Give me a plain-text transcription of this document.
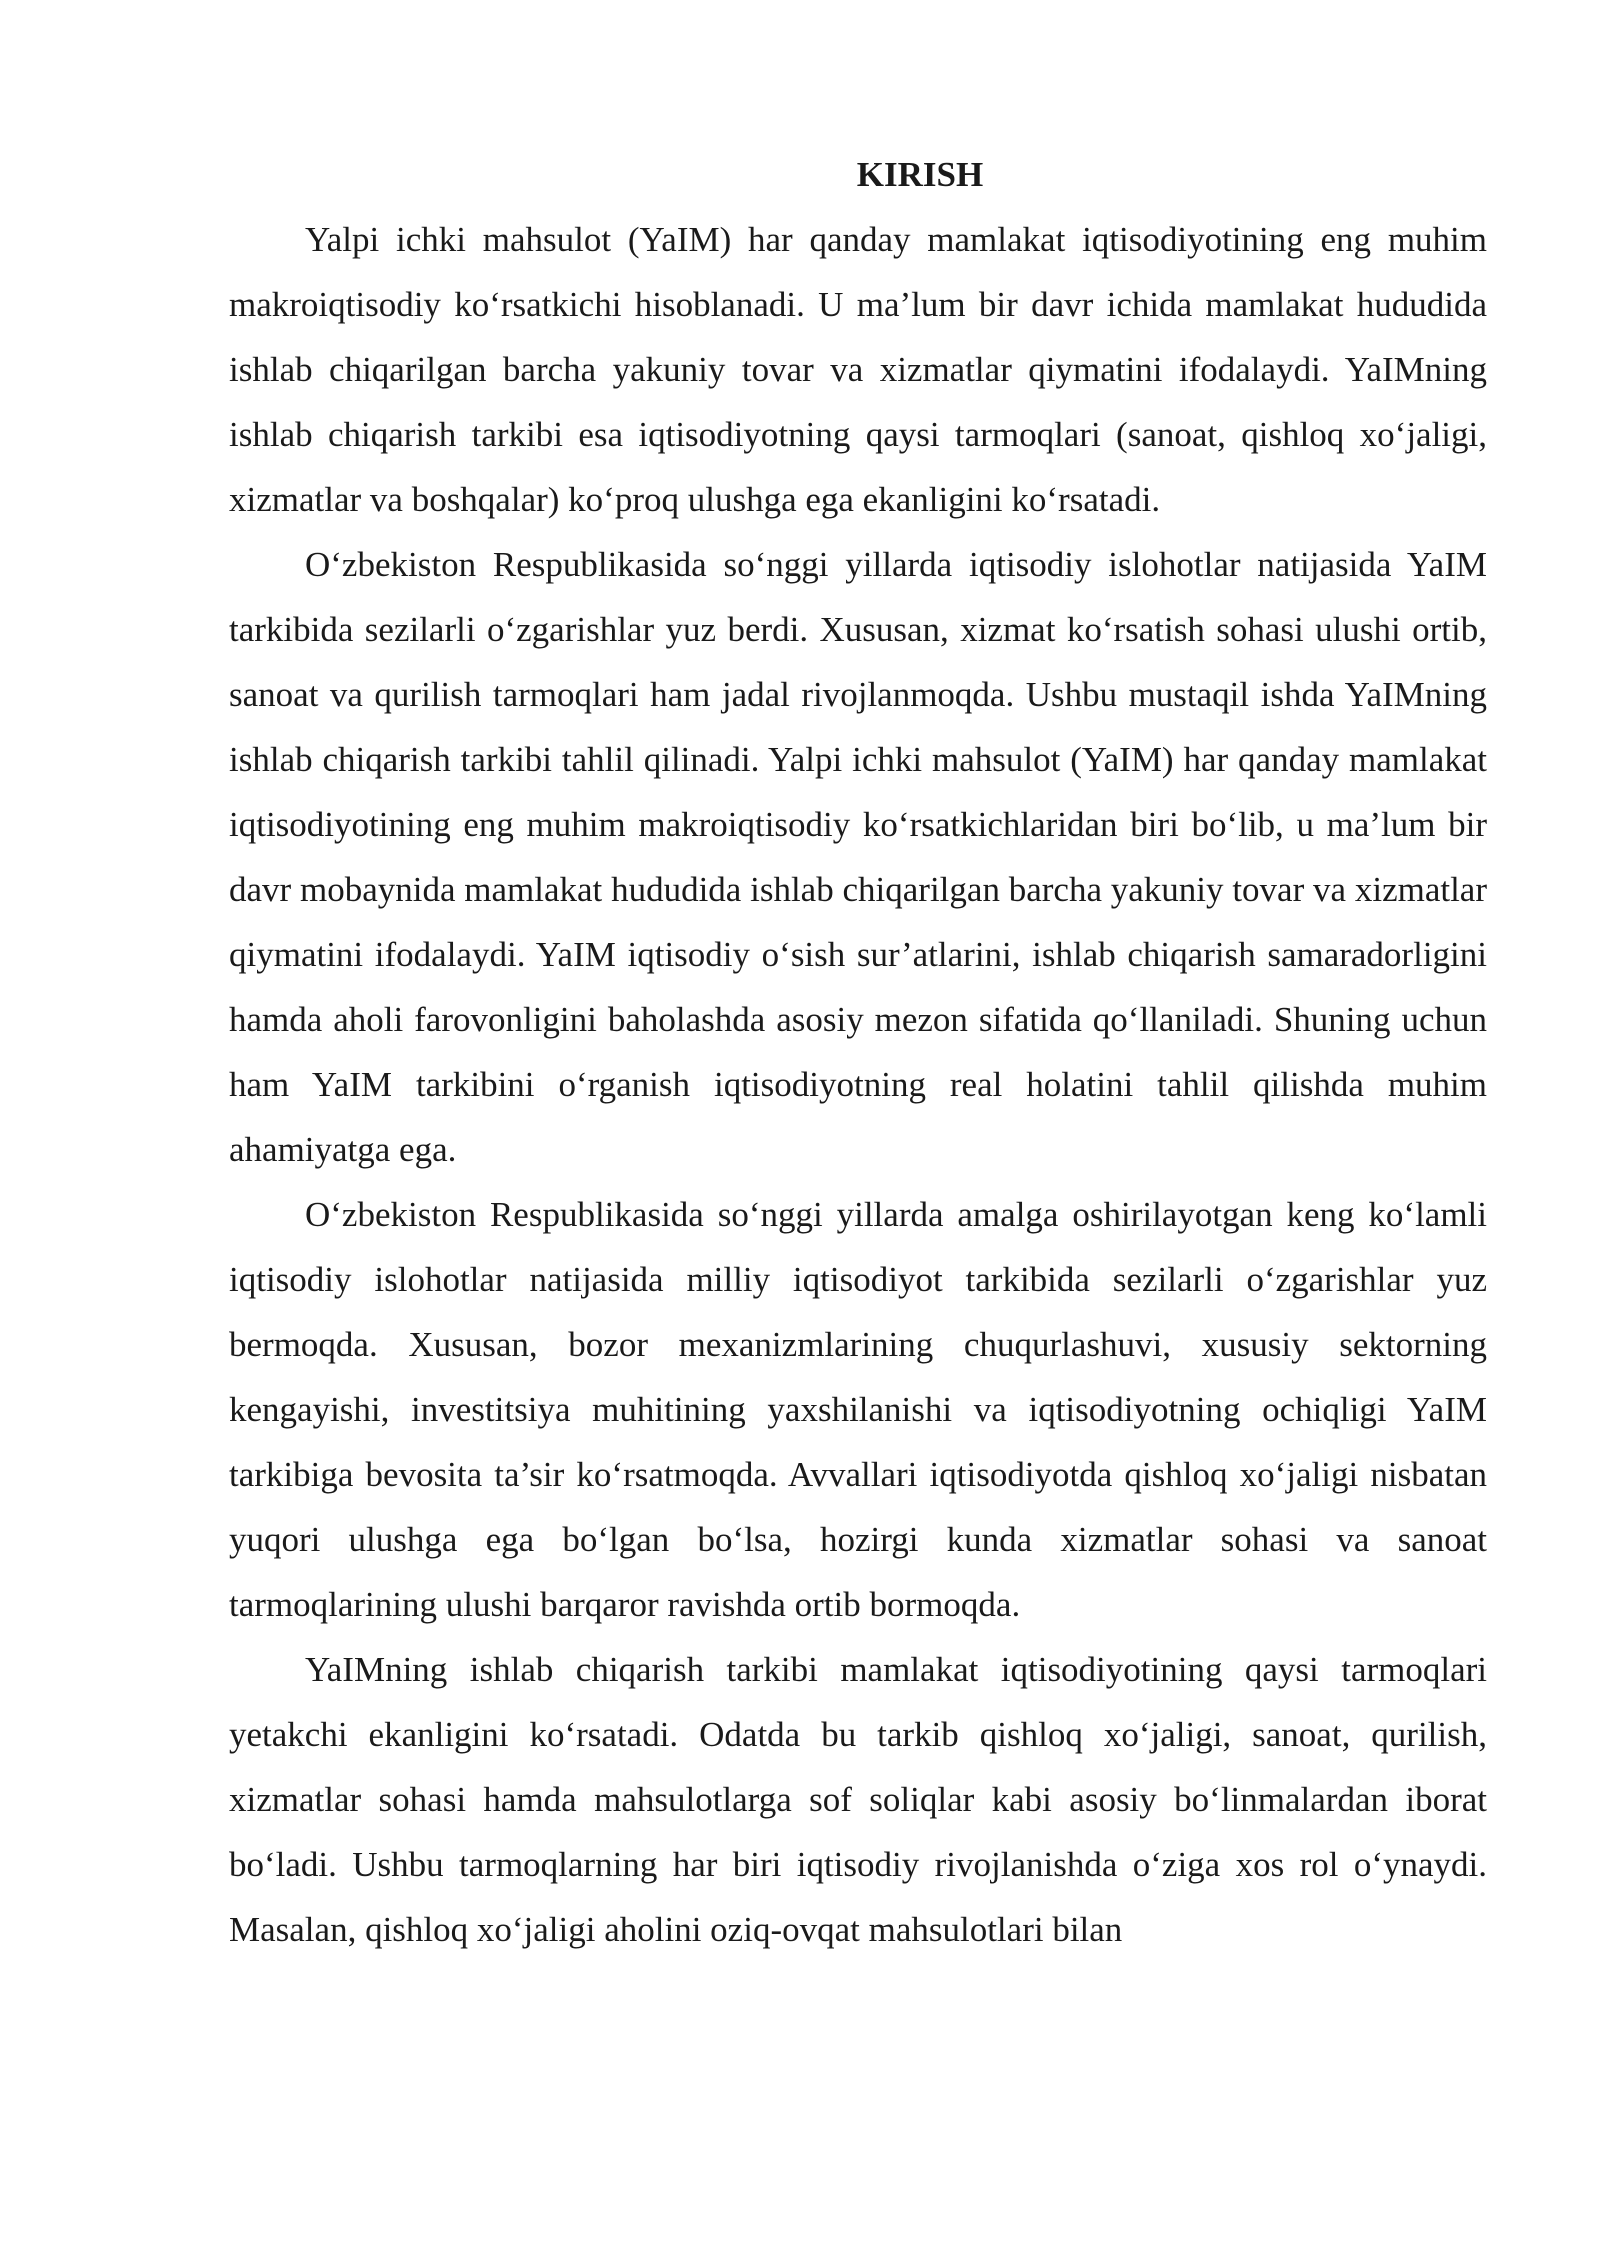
KIRISH

Yalpi ichki mahsulot (YaIM) har qanday mamlakat iqtisodiyotining eng muhim makroiqtisodiy ko‘rsatkichi hisoblanadi. U ma’lum bir davr ichida mamlakat hududida ishlab chiqarilgan barcha yakuniy tovar va xizmatlar qiymatini ifodalaydi. YaIMning ishlab chiqarish tarkibi esa iqtisodiyotning qaysi tarmoqlari (sanoat, qishloq xo‘jaligi, xizmatlar va boshqalar) ko‘proq ulushga ega ekanligini ko‘rsatadi.

O‘zbekiston Respublikasida so‘nggi yillarda iqtisodiy islohotlar natijasida YaIM tarkibida sezilarli o‘zgarishlar yuz berdi. Xususan, xizmat ko‘rsatish sohasi ulushi ortib, sanoat va qurilish tarmoqlari ham jadal rivojlanmoqda. Ushbu mustaqil ishda YaIMning ishlab chiqarish tarkibi tahlil qilinadi. Yalpi ichki mahsulot (YaIM) har qanday mamlakat iqtisodiyotining eng muhim makroiqtisodiy ko‘rsatkichlaridan biri bo‘lib, u ma’lum bir davr mobaynida mamlakat hududida ishlab chiqarilgan barcha yakuniy tovar va xizmatlar qiymatini ifodalaydi. YaIM iqtisodiy o‘sish sur’atlarini, ishlab chiqarish samaradorligini hamda aholi farovonligini baholashda asosiy mezon sifatida qo‘llaniladi. Shuning uchun ham YaIM tarkibini o‘rganish iqtisodiyotning real holatini tahlil qilishda muhim ahamiyatga ega.

O‘zbekiston Respublikasida so‘nggi yillarda amalga oshirilayotgan keng ko‘lamli iqtisodiy islohotlar natijasida milliy iqtisodiyot tarkibida sezilarli o‘zgarishlar yuz bermoqda. Xususan, bozor mexanizmlarining chuqurlashuvi, xususiy sektorning kengayishi, investitsiya muhitining yaxshilanishi va iqtisodiyotning ochiqligi YaIM tarkibiga bevosita ta’sir ko‘rsatmoqda. Avvallari iqtisodiyotda qishloq xo‘jaligi nisbatan yuqori ulushga ega bo‘lgan bo‘lsa, hozirgi kunda xizmatlar sohasi va sanoat tarmoqlarining ulushi barqaror ravishda ortib bormoqda.

YaIMning ishlab chiqarish tarkibi mamlakat iqtisodiyotining qaysi tarmoqlari yetakchi ekanligini ko‘rsatadi. Odatda bu tarkib qishloq xo‘jaligi, sanoat, qurilish, xizmatlar sohasi hamda mahsulotlarga sof soliqlar kabi asosiy bo‘linmalardan iborat bo‘ladi. Ushbu tarmoqlarning har biri iqtisodiy rivojlanishda o‘ziga xos rol o‘ynaydi. Masalan, qishloq xo‘jaligi aholini oziq-ovqat mahsulotlari bilan
